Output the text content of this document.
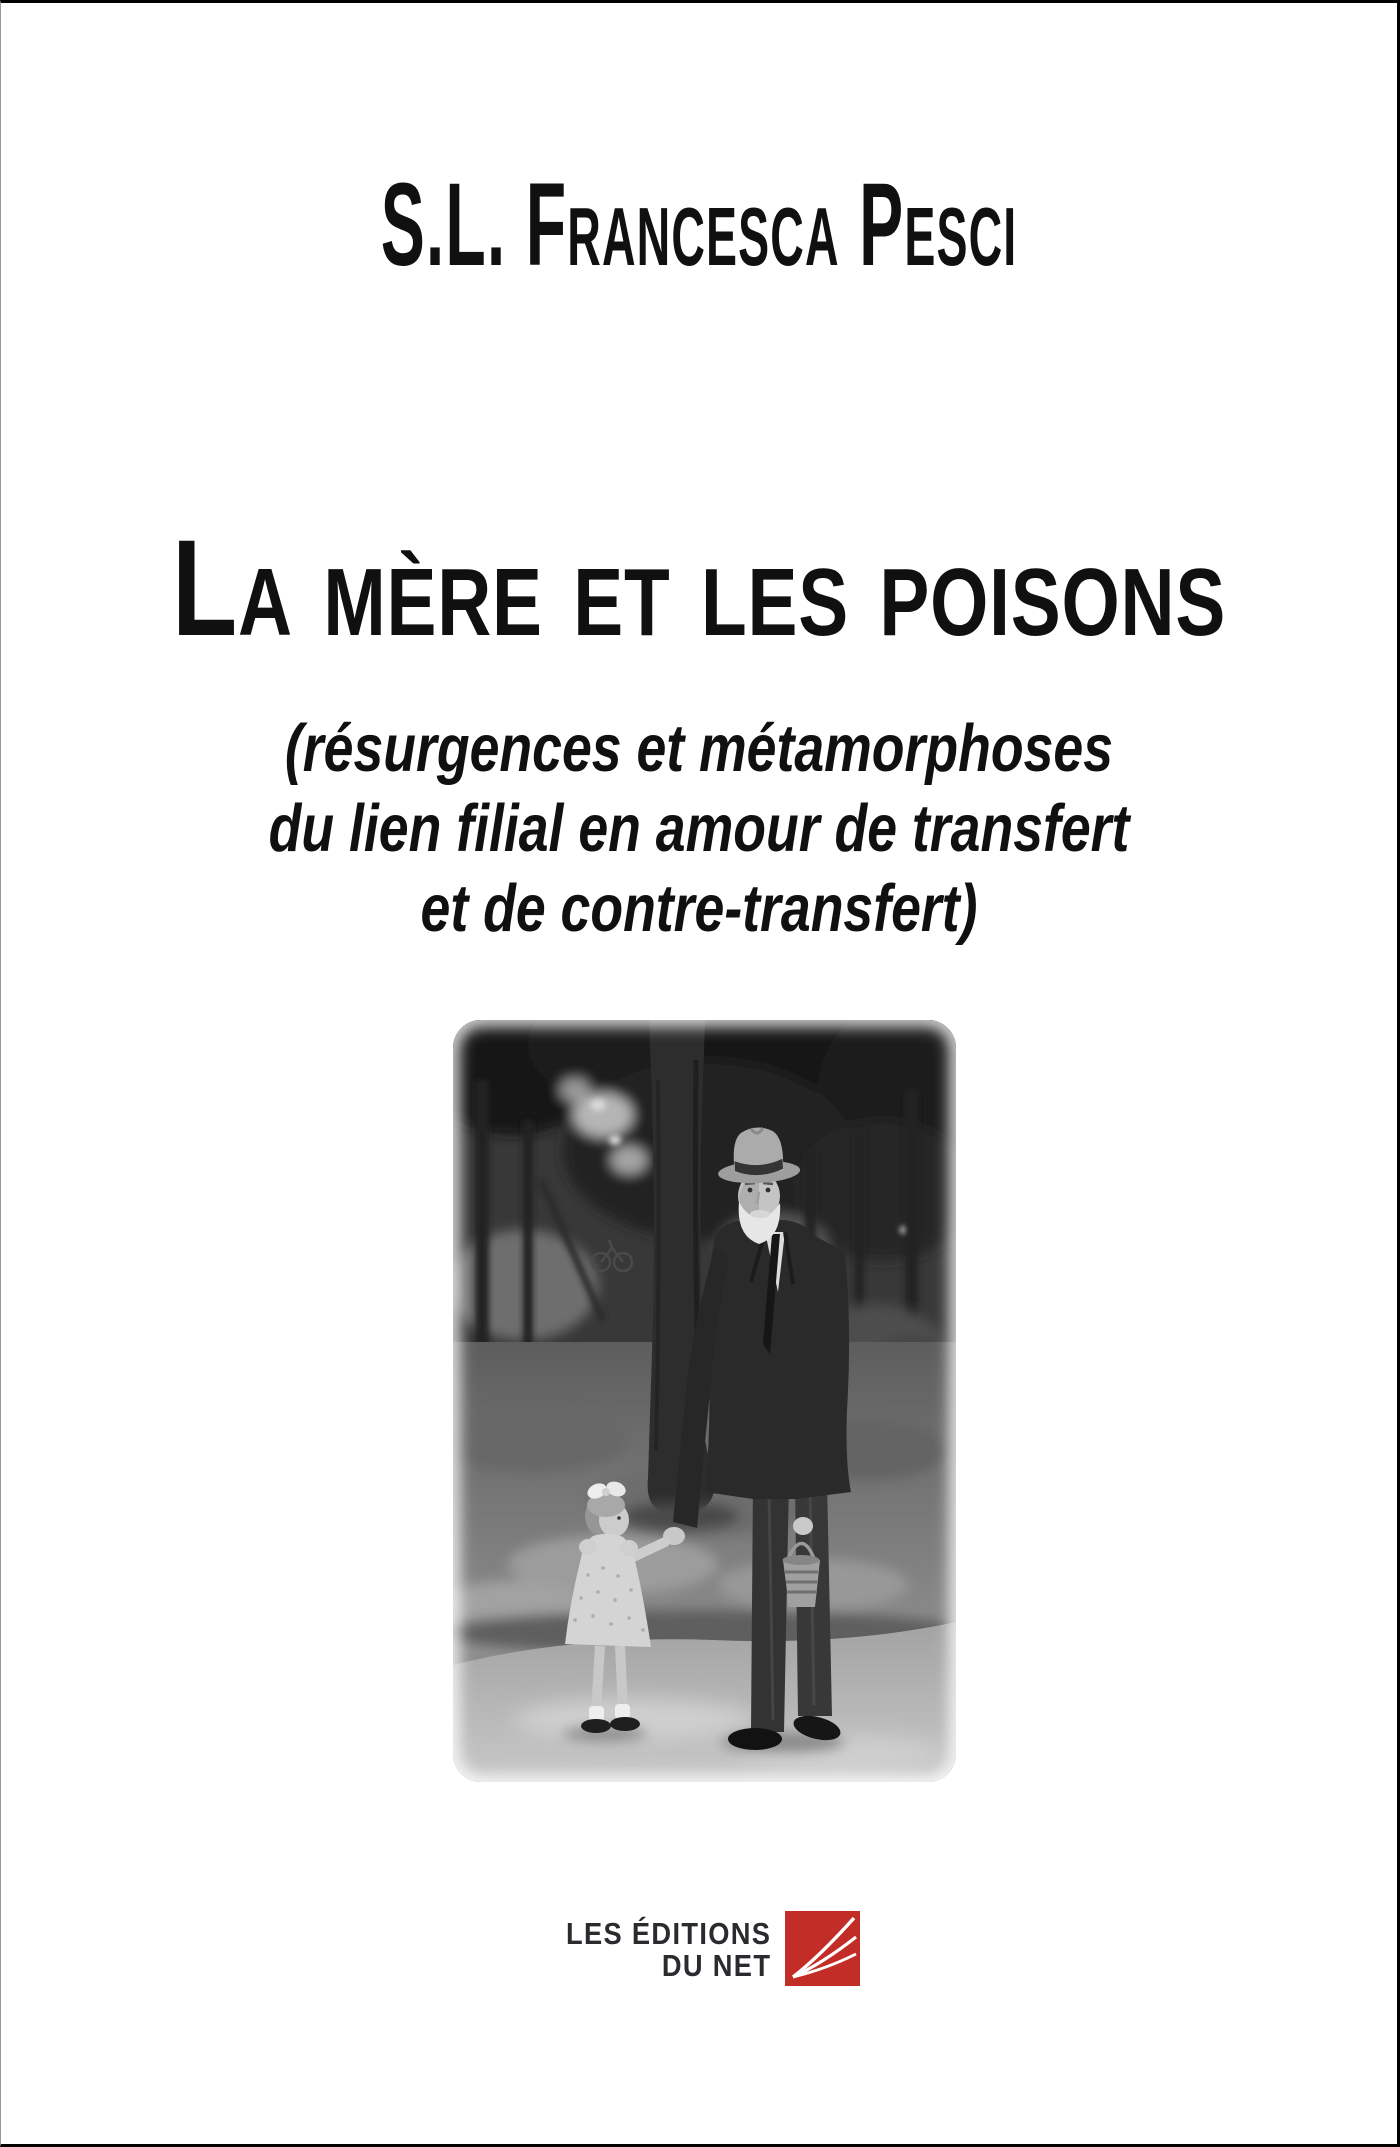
S.L. Francesca Pesci
La mère et les poisons
(résurgences et métamorphoses
du lien filial en amour de transfert
et de contre-transfert)
LES ÉDITIONS
DU NET
